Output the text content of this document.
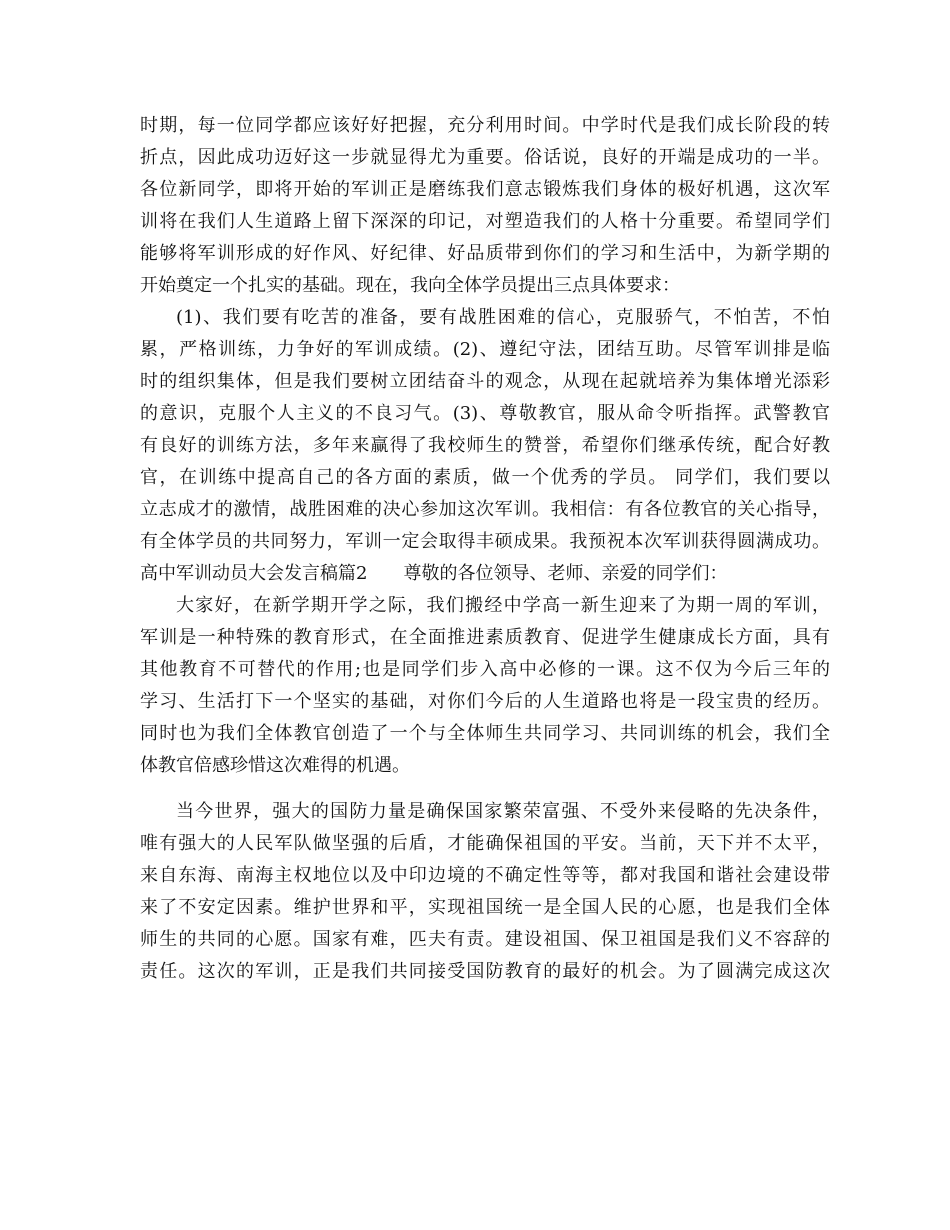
时期，每一位同学都应该好好把握，充分利用时间。中学时代是我们成长阶段的转
折点，因此成功迈好这一步就显得尤为重要。俗话说，良好的开端是成功的一半。
各位新同学，即将开始的军训正是磨练我们意志锻炼我们身体的极好机遇，这次军
训将在我们人生道路上留下深深的印记，对塑造我们的人格十分重要。希望同学们
能够将军训形成的好作风、好纪律、好品质带到你们的学习和生活中，为新学期的
开始奠定一个扎实的基础。现在，我向全体学员提出三点具体要求：
(1)、我们要有吃苦的准备，要有战胜困难的信心，克服骄气，不怕苦，不怕
累，严格训练，力争好的军训成绩。(2)、遵纪守法，团结互助。尽管军训排是临
时的组织集体，但是我们要树立团结奋斗的观念，从现在起就培养为集体增光添彩
的意识，克服个人主义的不良习气。(3)、尊敬教官，服从命令听指挥。武警教官
有良好的训练方法，多年来赢得了我校师生的赞誉，希望你们继承传统，配合好教
官，在训练中提高自己的各方面的素质，做一个优秀的学员。 同学们，我们要以
立志成才的激情，战胜困难的决心参加这次军训。我相信：有各位教官的关心指导，
有全体学员的共同努力，军训一定会取得丰硕成果。我预祝本次军训获得圆满成功。
高中军训动员大会发言稿篇2　　尊敬的各位领导、老师、亲爱的同学们：
大家好，在新学期开学之际，我们搬经中学高一新生迎来了为期一周的军训，
军训是一种特殊的教育形式，在全面推进素质教育、促进学生健康成长方面，具有
其他教育不可替代的作用;也是同学们步入高中必修的一课。这不仅为今后三年的
学习、生活打下一个坚实的基础，对你们今后的人生道路也将是一段宝贵的经历。
同时也为我们全体教官创造了一个与全体师生共同学习、共同训练的机会，我们全
体教官倍感珍惜这次难得的机遇。
当今世界，强大的国防力量是确保国家繁荣富强、不受外来侵略的先决条件，
唯有强大的人民军队做坚强的后盾，才能确保祖国的平安。当前，天下并不太平，
来自东海、南海主权地位以及中印边境的不确定性等等，都对我国和谐社会建设带
来了不安定因素。维护世界和平，实现祖国统一是全国人民的心愿，也是我们全体
师生的共同的心愿。国家有难，匹夫有责。建设祖国、保卫祖国是我们义不容辞的
责任。这次的军训，正是我们共同接受国防教育的最好的机会。为了圆满完成这次
